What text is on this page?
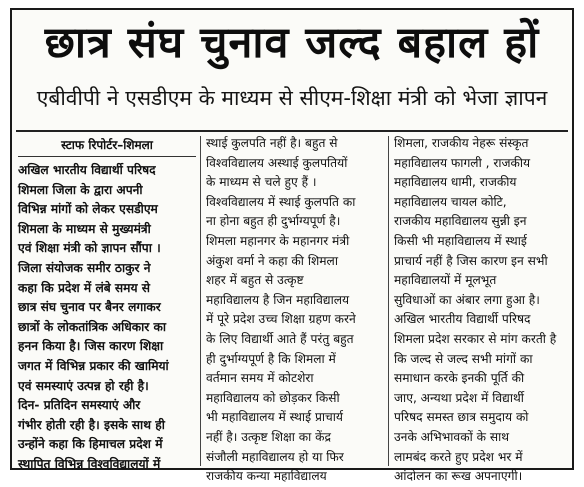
छात्र संघ चुनाव जल्द बहाल हों
एबीवीपी ने एसडीएम के माध्यम से सीएम-शिक्षा मंत्री को भेजा ज्ञापन
स्टाफ रिपोर्टर–शिमला
अखिल भारतीय विद्यार्थी परिषद
शिमला जिला के द्वारा अपनी
विभिन्न मांगों को लेकर एसडीएम
शिमला के माध्यम से मुख्यमंत्री
एवं शिक्षा मंत्री को ज्ञापन सौंपा ।
जिला संयोजक समीर ठाकुर ने
कहा कि प्रदेश में लंबे समय से
छात्र संघ चुनाव पर बैनर लगाकर
छात्रों के लोकतांत्रिक अधिकार का
हनन किया है। जिस कारण शिक्षा
जगत में विभिन्न प्रकार की खामियां
एवं समस्याएं उत्पन्न हो रही है।
दिन- प्रतिदिन समस्याएं और
गंभीर होती रही है। इसके साथ ही
उन्होंने कहा कि हिमाचल प्रदेश में
स्थापित विभिन्न विश्वविद्यालयों में
स्थाई कुलपति नहीं है। बहुत से
विश्वविद्यालय अस्थाई कुलपतियों
के माध्यम से चले हुए हैं ।
विश्वविद्यालय में स्थाई कुलपति का
ना होना बहुत ही दुर्भाग्यपूर्ण है।
शिमला महानगर के महानगर मंत्री
अंकुश वर्मा ने कहा की शिमला
शहर में बहुत से उत्कृष्ट
महाविद्यालय है जिन महाविद्यालय
में पूरे प्रदेश उच्च शिक्षा ग्रहण करने
के लिए विद्यार्थी आते हैं परंतु बहुत
ही दुर्भाग्यपूर्ण है कि शिमला में
वर्तमान समय में कोटशेरा
महाविद्यालय को छोड़कर किसी
भी महाविद्यालय में स्थाई प्राचार्य
नहीं है। उत्कृष्ट शिक्षा का केंद्र
संजौली महाविद्यालय हो या फिर
राजकीय कन्या महाविद्यालय
शिमला, राजकीय नेहरू संस्कृत
महाविद्यालय फागली , राजकीय
महाविद्यालय धामी, राजकीय
महाविद्यालय चायल कोटि,
राजकीय महाविद्यालय सुन्नी इन
किसी भी महाविद्यालय में स्थाई
प्राचार्य नहीं है जिस कारण इन सभी
महाविद्यालयों में मूलभूत
सुविधाओं का अंबार लगा हुआ है।
अखिल भारतीय विद्यार्थी परिषद
शिमला प्रदेश सरकार से मांग करती है
कि जल्द से जल्द सभी मांगों का
समाधान करके इनकी पूर्ति की
जाए, अन्यथा प्रदेश में विद्यार्थी
परिषद समस्त छात्र समुदाय को
उनके अभिभावकों के साथ
लामबंद करते हुए प्रदेश भर में
आंदोलन का रूख अपनाएगी।
